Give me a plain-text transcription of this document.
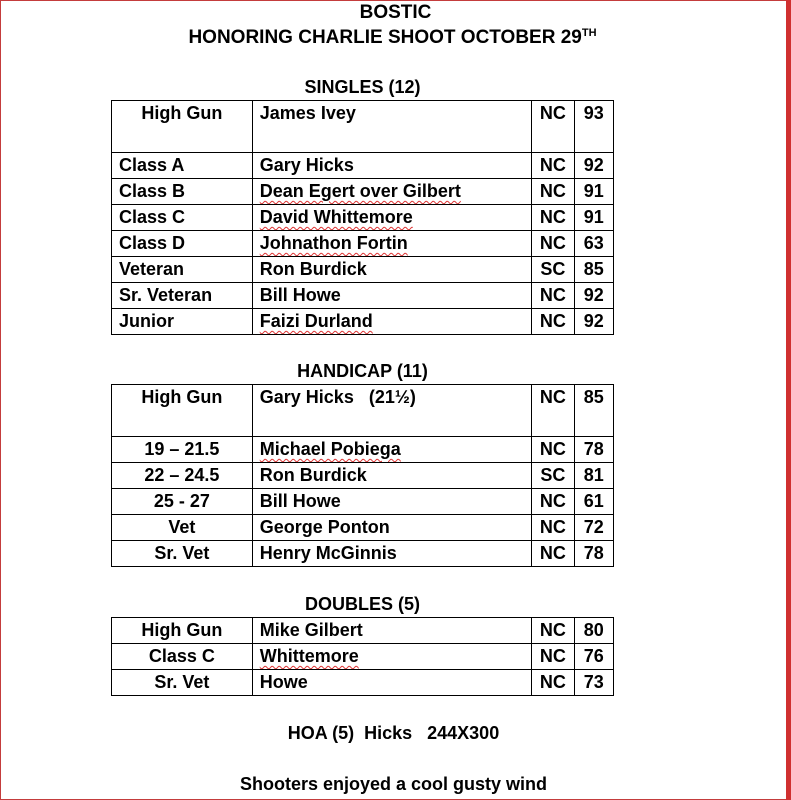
BOSTIC
HONORING CHARLIE SHOOT OCTOBER 29TH
SINGLES (12)
High Gun	James Ivey	NC	93
Class A	Gary Hicks	NC	92
Class B	Dean Egert over Gilbert	NC	91
Class C	David Whittemore	NC	91
Class D	Johnathon Fortin	NC	63
Veteran	Ron Burdick	SC	85
Sr. Veteran	Bill Howe	NC	92
Junior	Faizi Durland	NC	92
HANDICAP (11)
High Gun	Gary Hicks   (21½)	NC	85
19 – 21.5	Michael Pobiega	NC	78
22 – 24.5	Ron Burdick	SC	81
25 - 27	Bill Howe	NC	61
Vet	George Ponton	NC	72
Sr. Vet	Henry McGinnis	NC	78
DOUBLES (5)
High Gun	Mike Gilbert	NC	80
Class C	Whittemore	NC	76
Sr. Vet	Howe	NC	73
HOA (5)  Hicks   244X300
Shooters enjoyed a cool gusty wind
